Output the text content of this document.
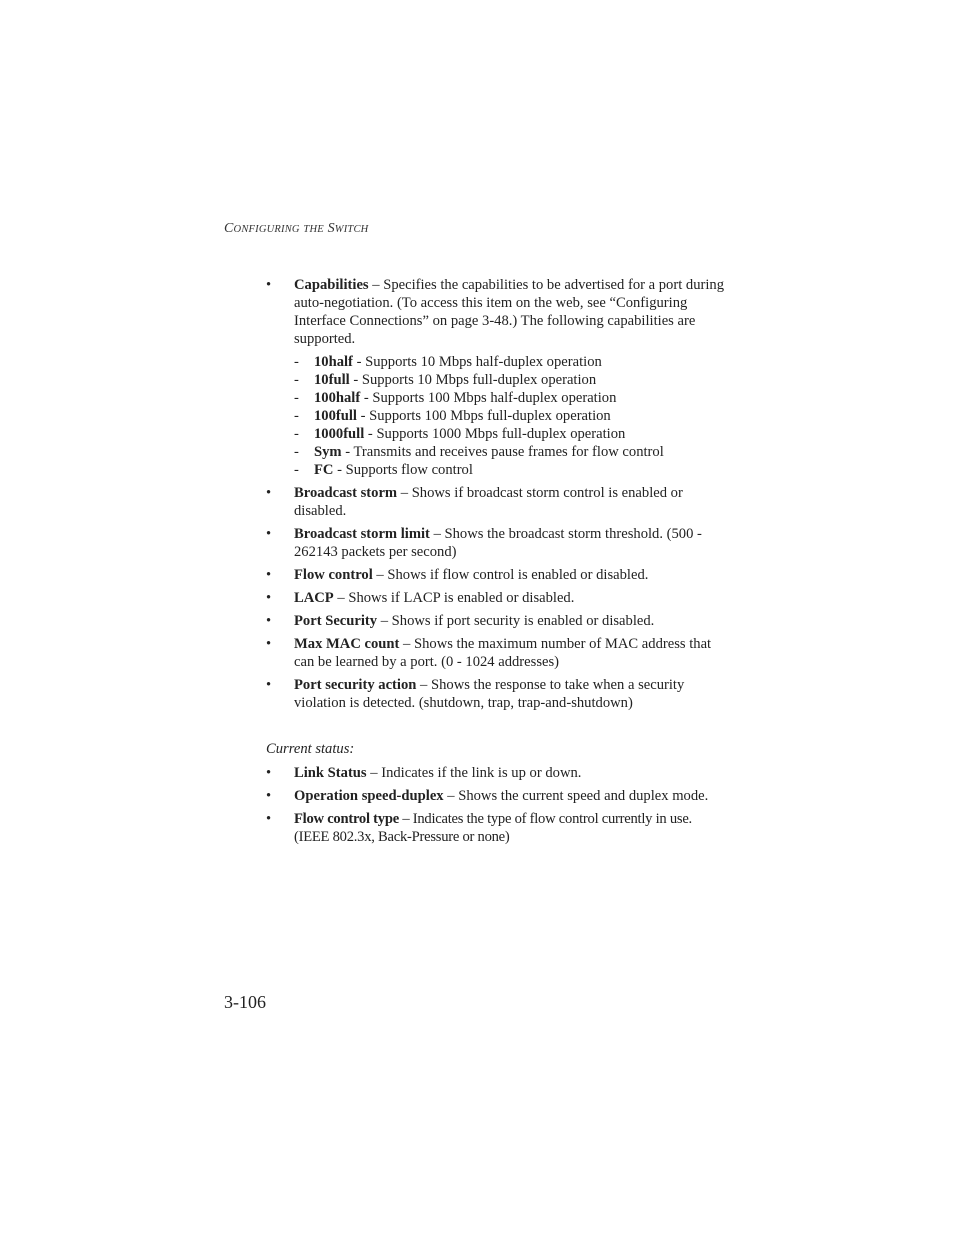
CONFIGURING THE SWITCH
• Capabilities – Specifies the capabilities to be advertised for a port during auto-negotiation. (To access this item on the web, see “Configuring Interface Connections” on page 3-48.) The following capabilities are supported.
- 10half - Supports 10 Mbps half-duplex operation
- 10full - Supports 10 Mbps full-duplex operation
- 100half - Supports 100 Mbps half-duplex operation
- 100full - Supports 100 Mbps full-duplex operation
- 1000full - Supports 1000 Mbps full-duplex operation
- Sym - Transmits and receives pause frames for flow control
- FC - Supports flow control
• Broadcast storm – Shows if broadcast storm control is enabled or disabled.
• Broadcast storm limit – Shows the broadcast storm threshold. (500 - 262143 packets per second)
• Flow control – Shows if flow control is enabled or disabled.
• LACP – Shows if LACP is enabled or disabled.
• Port Security – Shows if port security is enabled or disabled.
• Max MAC count – Shows the maximum number of MAC address that can be learned by a port. (0 - 1024 addresses)
• Port security action – Shows the response to take when a security violation is detected. (shutdown, trap, trap-and-shutdown)
Current status:
• Link Status – Indicates if the link is up or down.
• Operation speed-duplex – Shows the current speed and duplex mode.
• Flow control type – Indicates the type of flow control currently in use. (IEEE 802.3x, Back-Pressure or none)
3-106
